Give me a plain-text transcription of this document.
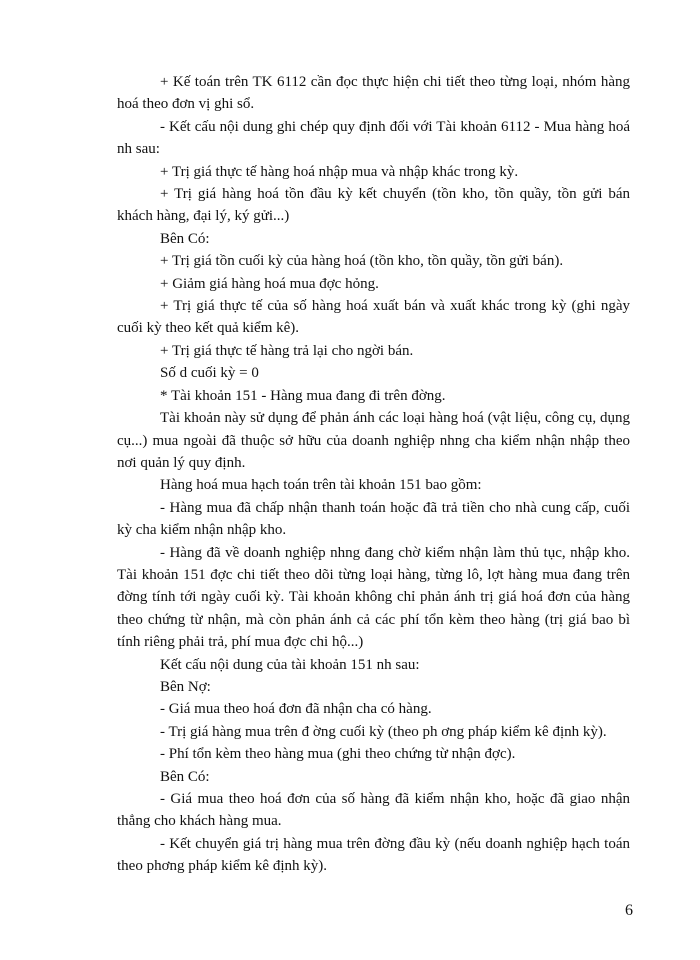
+ Kế toán trên TK 6112 cần đọc thực hiện chi tiết theo từng loại, nhóm hàng hoá theo đơn vị ghi sổ.

- Kết cấu nội dung ghi chép quy định đối với Tài khoản 6112 - Mua hàng hoá nh sau:

+ Trị giá thực tế hàng hoá nhập mua và nhập khác trong kỳ.

+ Trị giá hàng hoá tồn đầu kỳ kết chuyển (tồn kho, tồn quầy, tồn gửi bán khách hàng, đại lý, ký gửi...)

Bên Có:

+ Trị giá tồn cuối kỳ của hàng hoá (tồn kho, tồn quầy, tồn gửi bán).

+ Giảm giá hàng hoá mua đợc hỏng.

+ Trị giá thực tế của số hàng hoá xuất bán và xuất khác trong kỳ (ghi ngày cuối kỳ theo kết quả kiểm kê).

+ Trị giá thực tế hàng trả lại cho ngời bán.

Số d cuối kỳ = 0

* Tài khoản 151 - Hàng mua đang đi trên đờng.

Tài khoản này sử dụng để phản ánh các loại hàng hoá (vật liệu, công cụ, dụng cụ...) mua ngoài đã thuộc sở hữu của doanh nghiệp nhng cha kiểm nhận nhập theo nơi quản lý quy định.

Hàng hoá mua hạch toán trên tài khoản 151 bao gồm:

- Hàng mua đã chấp nhận thanh toán hoặc đã trả tiền cho nhà cung cấp, cuối kỳ cha kiểm nhận nhập kho.

- Hàng đã về doanh nghiệp nhng đang chờ kiểm nhận làm thủ tục, nhập kho. Tài khoản 151 đợc chi tiết theo dõi từng loại hàng, từng lô, lợt hàng mua đang trên đờng tính tới ngày cuối kỳ. Tài khoản không chỉ phản ánh trị giá hoá đơn của hàng theo chứng từ nhận, mà còn phản ánh cả các phí tổn kèm theo hàng (trị giá bao bì tính riêng phải trả, phí mua đợc chi hộ...)

Kết cấu nội dung của tài khoản 151 nh sau:

Bên Nợ:

- Giá mua theo hoá đơn đã nhận cha có hàng.

- Trị giá hàng mua trên đ ờng cuối kỳ (theo ph ơng pháp kiểm kê định kỳ).

- Phí tổn kèm theo hàng mua (ghi theo chứng từ nhận đợc).

Bên Có:

- Giá mua theo hoá đơn của số hàng đã kiểm nhận kho, hoặc đã giao nhận thẳng cho khách hàng mua.

- Kết chuyển giá trị hàng mua trên đờng đầu kỳ (nếu doanh nghiệp hạch toán theo phơng pháp kiểm kê định kỳ).

6
